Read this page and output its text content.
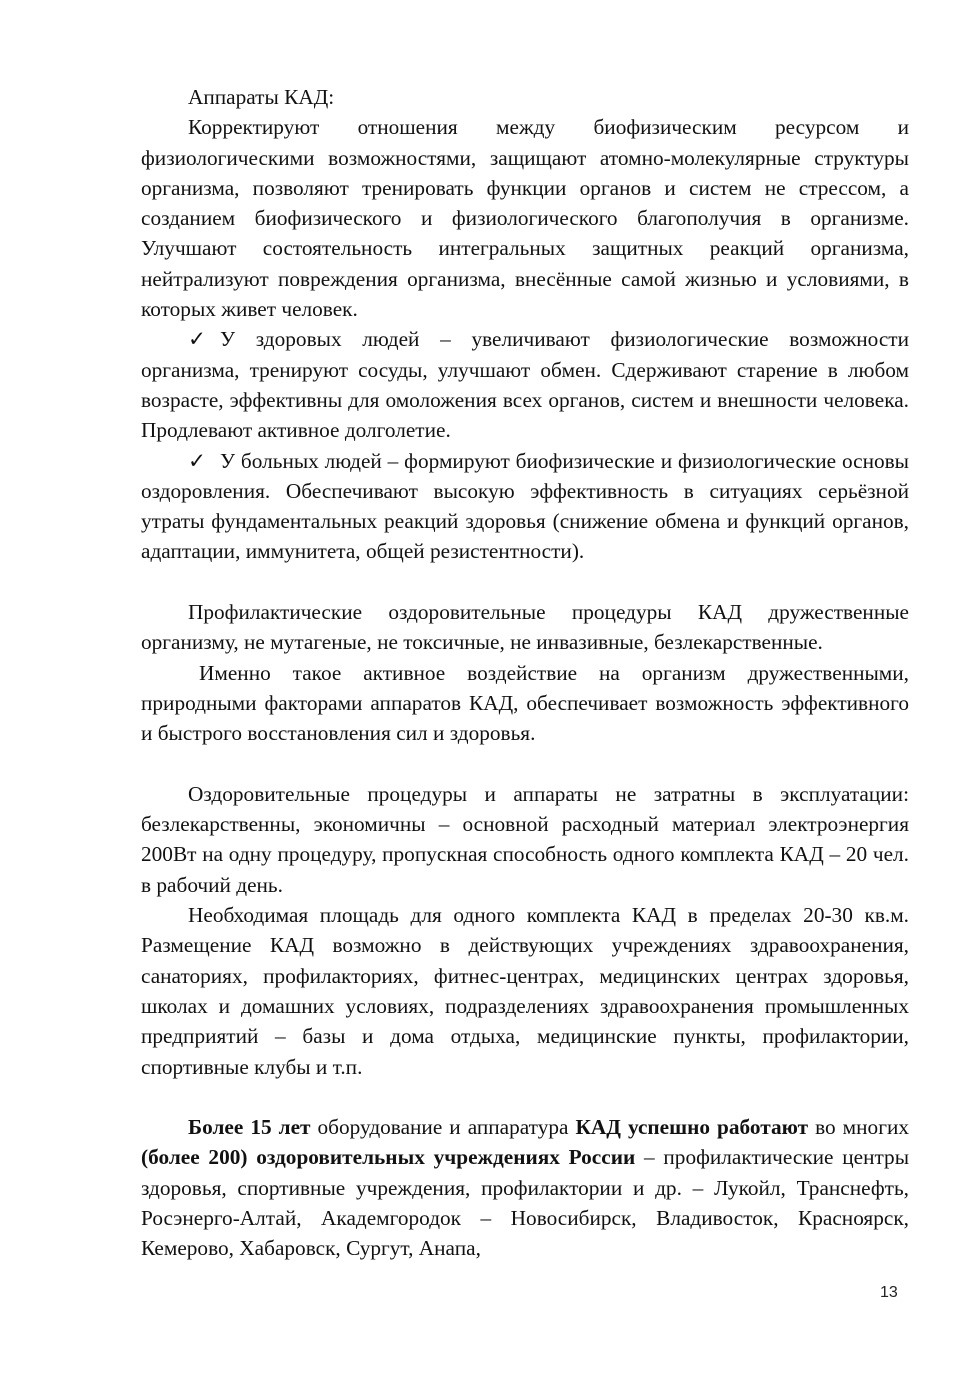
Аппараты КАД:

Корректируют отношения между биофизическим ресурсом и физиологическими возможностями, защищают атомно-молекулярные структуры организма, позволяют тренировать функции органов и систем не стрессом, а созданием биофизического и физиологического благополучия в организме. Улучшают состоятельность интегральных защитных реакций организма, нейтрализуют повреждения организма, внесённые самой жизнью и условиями, в которых живет человек.

✓ У здоровых людей – увеличивают физиологические возможности организма, тренируют сосуды, улучшают обмен. Сдерживают старение в любом возрасте, эффективны для омоложения всех органов, систем и внешности человека. Продлевают активное долголетие.

✓ У больных людей – формируют биофизические и физиологические основы оздоровления. Обеспечивают высокую эффективность в ситуациях серьёзной утраты фундаментальных реакций здоровья (снижение обмена и функций органов, адаптации, иммунитета, общей резистентности).

Профилактические оздоровительные процедуры КАД дружественные организму, не мутагеные, не токсичные, не инвазивные, безлекарственные.

Именно такое активное воздействие на организм дружественными, природными факторами аппаратов КАД, обеспечивает возможность эффективного и быстрого восстановления сил и здоровья.

Оздоровительные процедуры и аппараты не затратны в эксплуатации: безлекарственны, экономичны – основной расходный материал электроэнергия 200Вт на одну процедуру, пропускная способность одного комплекта КАД – 20 чел. в рабочий день.

Необходимая площадь для одного комплекта КАД в пределах 20-30 кв.м. Размещение КАД возможно в действующих учреждениях здравоохранения, санаториях, профилакториях, фитнес-центрах, медицинских центрах здоровья, школах и домашних условиях, подразделениях здравоохранения промышленных предприятий – базы и дома отдыха, медицинские пункты, профилактории, спортивные клубы и т.п.

Более 15 лет оборудование и аппаратура КАД успешно работают во многих (более 200) оздоровительных учреждениях России – профилактические центры здоровья, спортивные учреждения, профилактории и др. – Лукойл, Транснефть, Росэнерго-Алтай, Академгородок – Новосибирск, Владивосток, Красноярск, Кемерово, Хабаровск, Сургут, Анапа,

13
